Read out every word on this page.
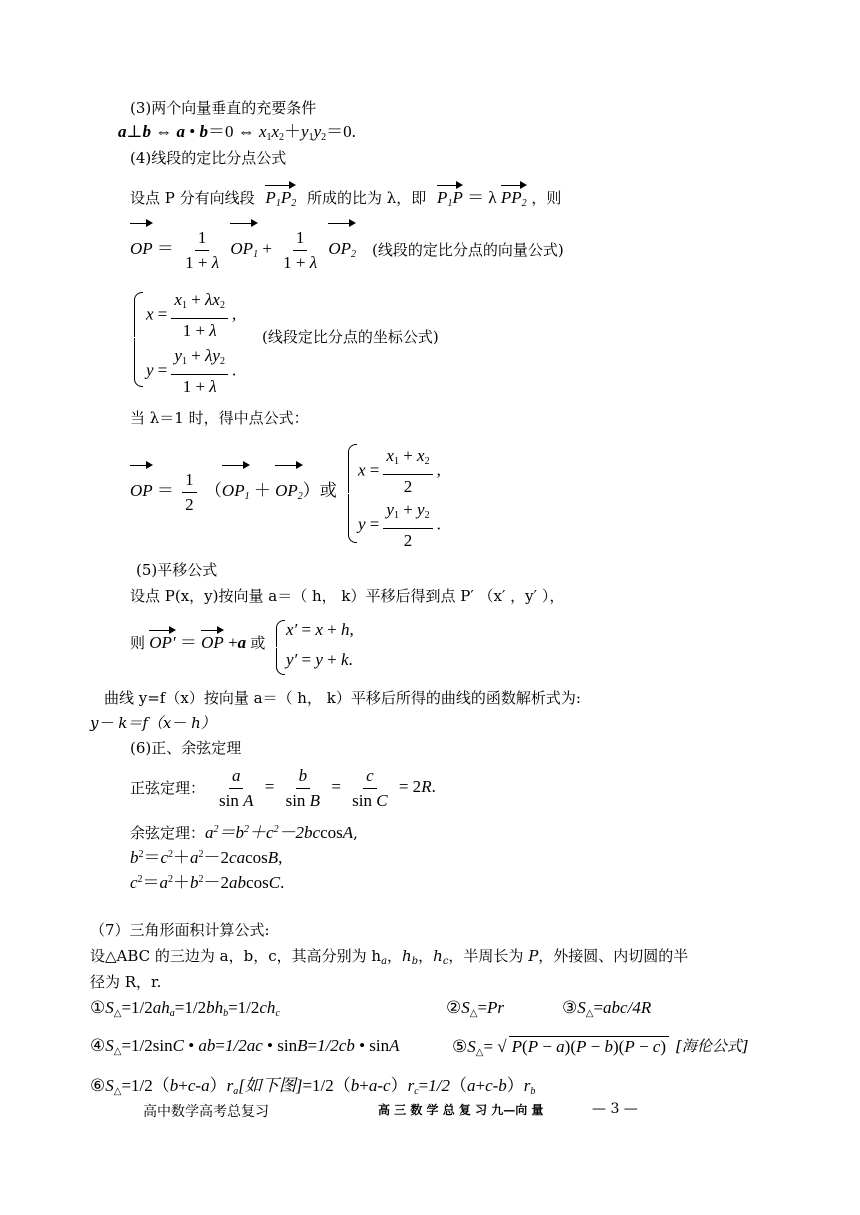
(3)两个向量垂直的充要条件
a⊥b ⇔ a • b＝0 ⇔ $x_1x_2+y_1y_2=0$.
(4)线段的定比分点公式
设点 P 分有向线段 $P_1P_2$ 所成的比为 λ，即 $P_1P = \lambda$ $PP_2$ ，则
OP ＝ $\frac{1}{1 + \lambda} OP_1 + \frac{1}{1 + \lambda} OP_2$ (线段的定比分点的向量公式)
$x = \frac{x_1 + \lambda x_2}{1 + \lambda}$ ,
$y = \frac{y_1 + \lambda y_2}{1 + \lambda}$ .
(线段定比分点的坐标公式)
当 λ＝1 时，得中点公式：
OP ＝ $\frac{1}{2} (OP_1 + OP_2)$或
$x = \frac{x_1 + x_2}{2}$ ,
$y = \frac{y_1 + y_2}{2}$ .
(5)平移公式
设点 P(x，y)按向量 a＝（ h， k）平移后得到点 P′ （x′ ，y′ ），
则 OP′ ＝ OP +a 或
x′ = x + h,
y′ = y + k.
曲线 y=f（x）按向量 a＝（ h， k）平移后所得的曲线的函数解析式为:
y－ k＝f（x－ h）
(6)正、余弦定理
正弦定理： $\frac{a}{\text{sin A}} = \frac{b}{\text{sin B}} = \frac{c}{\text{sin C}} = 2R$.
余弦定理：$a^2=b^2+c^2-2bccosA$,
$b^2=c^2+a^2-2cacosB$,
$c^2=a^2+b^2-2abcosC$.
（7）三角形面积计算公式:
设△ABC 的三边为 a，b，c，其高分别为 $h_a$，$h_b$，$h_c$，半周长为 P，外接圆、内切圆的半
径为 R，r.
$①S_\triangle=1/2ah_a=1/2bh_b=1/2ch_c$	$②S_\triangle=Pr$	$③S_\triangle=abc/4R$
$④S_\triangle=1/2\sin C$ • ab=1/2ac • sinB=1/2cb • sinA	$⑤S_\triangle=$ √ P(P − a)(P − b)(P − c) [海伦公式]
$⑥S_\triangle=1/2(b+c-a)r_a$[如下图]$=1/2(b+a-c)r_c=1/2(a+c-b)r_b$
高中数学高考总复习	高 三 数 学 总 复 习 九—向 量	— 3 —
